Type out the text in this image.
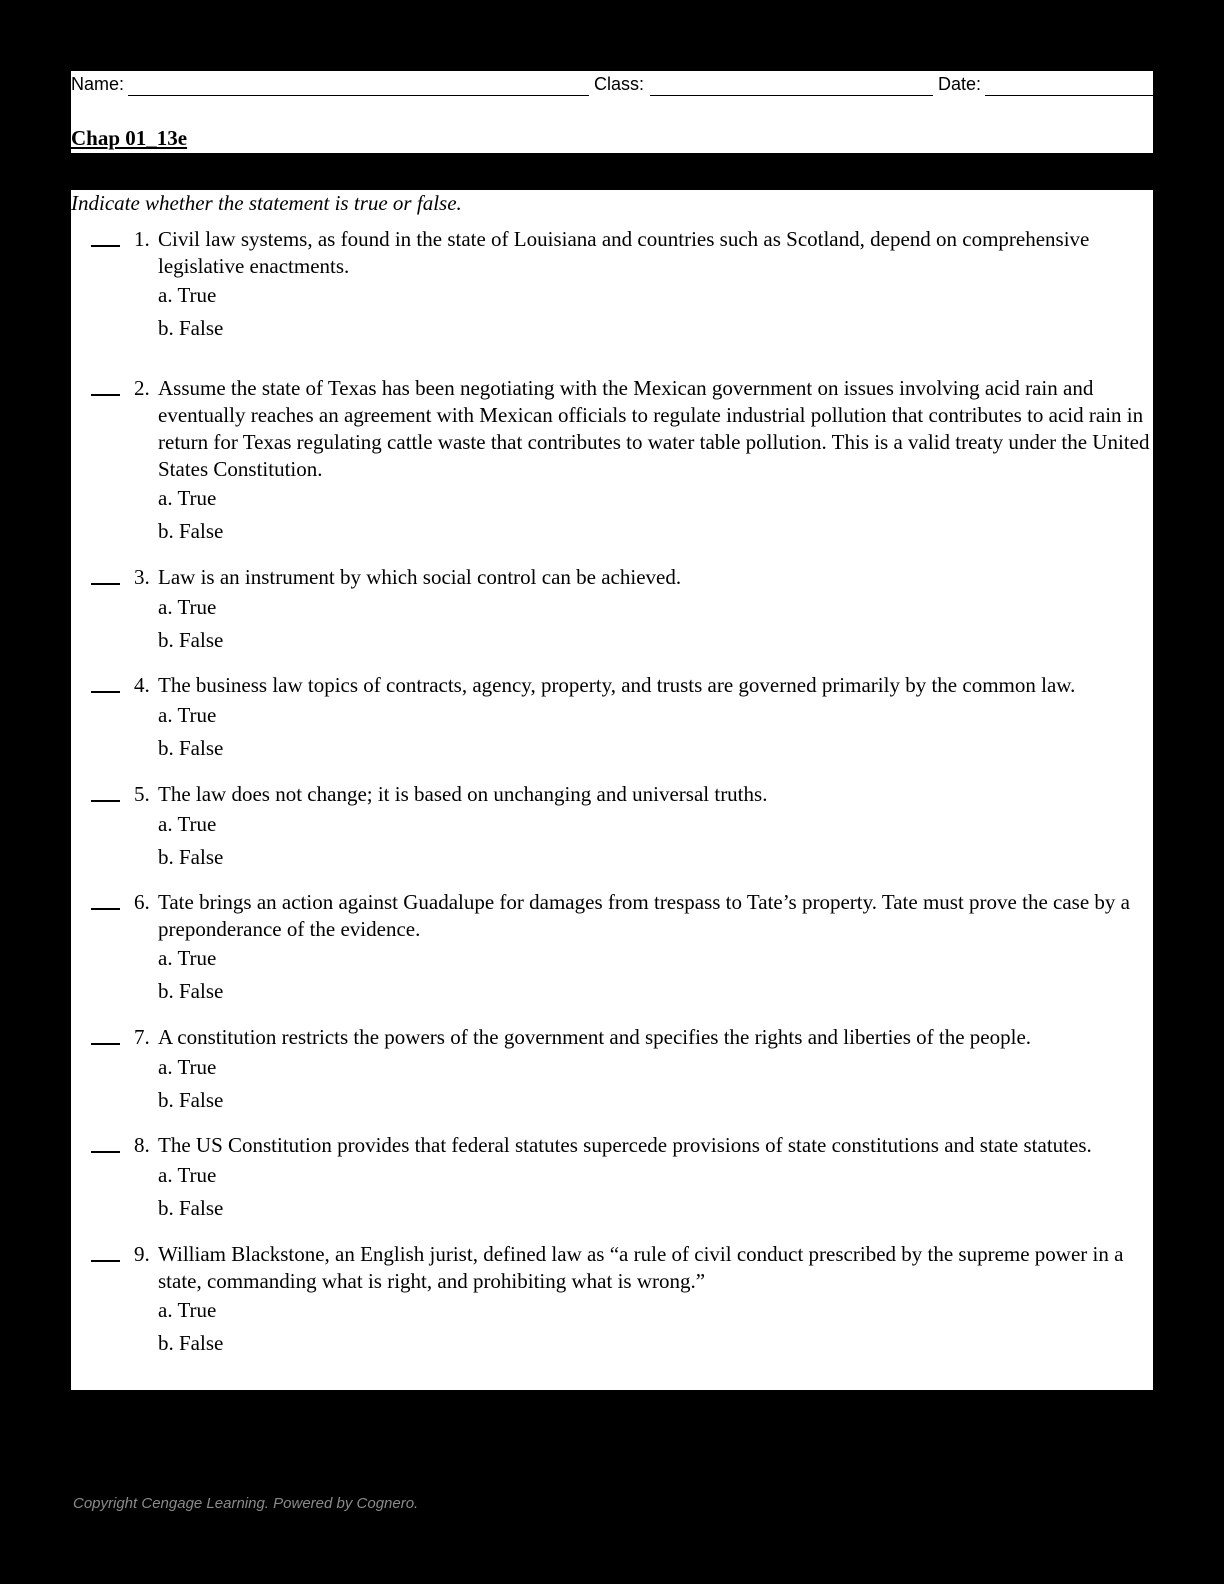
Name:	Class:	Date:
Chap 01_13e
Indicate whether the statement is true or false.
1. Civil law systems, as found in the state of Louisiana and countries such as Scotland, depend on comprehensive legislative enactments.
a. True
b. False
2. Assume the state of Texas has been negotiating with the Mexican government on issues involving acid rain and eventually reaches an agreement with Mexican officials to regulate industrial pollution that contributes to acid rain in return for Texas regulating cattle waste that contributes to water table pollution. This is a valid treaty under the United States Constitution.
a. True
b. False
3. Law is an instrument by which social control can be achieved.
a. True
b. False
4. The business law topics of contracts, agency, property, and trusts are governed primarily by the common law.
a. True
b. False
5. The law does not change; it is based on unchanging and universal truths.
a. True
b. False
6. Tate brings an action against Guadalupe for damages from trespass to Tate’s property. Tate must prove the case by a preponderance of the evidence.
a. True
b. False
7. A constitution restricts the powers of the government and specifies the rights and liberties of the people.
a. True
b. False
8. The US Constitution provides that federal statutes supercede provisions of state constitutions and state statutes.
a. True
b. False
9. William Blackstone, an English jurist, defined law as “a rule of civil conduct prescribed by the supreme power in a state, commanding what is right, and prohibiting what is wrong.”
a. True
b. False
Copyright Cengage Learning. Powered by Cognero.
